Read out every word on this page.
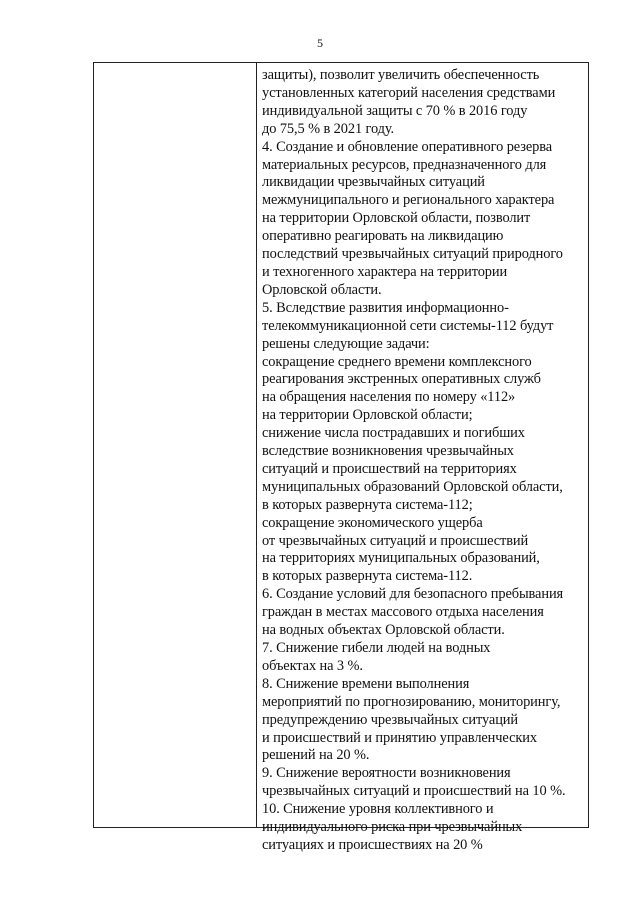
5
защиты), позволит увеличить обеспеченность
установленных категорий населения средствами
индивидуальной защиты с 70 % в 2016 году
до 75,5 % в 2021 году.
4. Создание и обновление оперативного резерва
материальных ресурсов, предназначенного для
ликвидации чрезвычайных ситуаций
межмуниципального и регионального характера
на территории Орловской области, позволит
оперативно реагировать на ликвидацию
последствий чрезвычайных ситуаций природного
и техногенного характера на территории
Орловской области.
5. Вследствие развития информационно-
телекоммуникационной сети системы-112 будут
решены следующие задачи:
сокращение среднего времени комплексного
реагирования экстренных оперативных служб
на обращения населения по номеру «112»
на территории Орловской области;
снижение числа пострадавших и погибших
вследствие возникновения чрезвычайных
ситуаций и происшествий на территориях
муниципальных образований Орловской области,
в которых развернута система-112;
сокращение экономического ущерба
от чрезвычайных ситуаций и происшествий
на территориях муниципальных образований,
в которых развернута система-112.
6. Создание условий для безопасного пребывания
граждан в местах массового отдыха населения
на водных объектах Орловской области.
7. Снижение гибели людей на водных
объектах на 3 %.
8. Снижение времени выполнения
мероприятий по прогнозированию, мониторингу,
предупреждению чрезвычайных ситуаций
и происшествий и принятию управленческих
решений на 20 %.
9. Снижение вероятности возникновения
чрезвычайных ситуаций и происшествий на 10 %.
10. Снижение уровня коллективного и
индивидуального риска при чрезвычайных
ситуациях и происшествиях на 20 %
